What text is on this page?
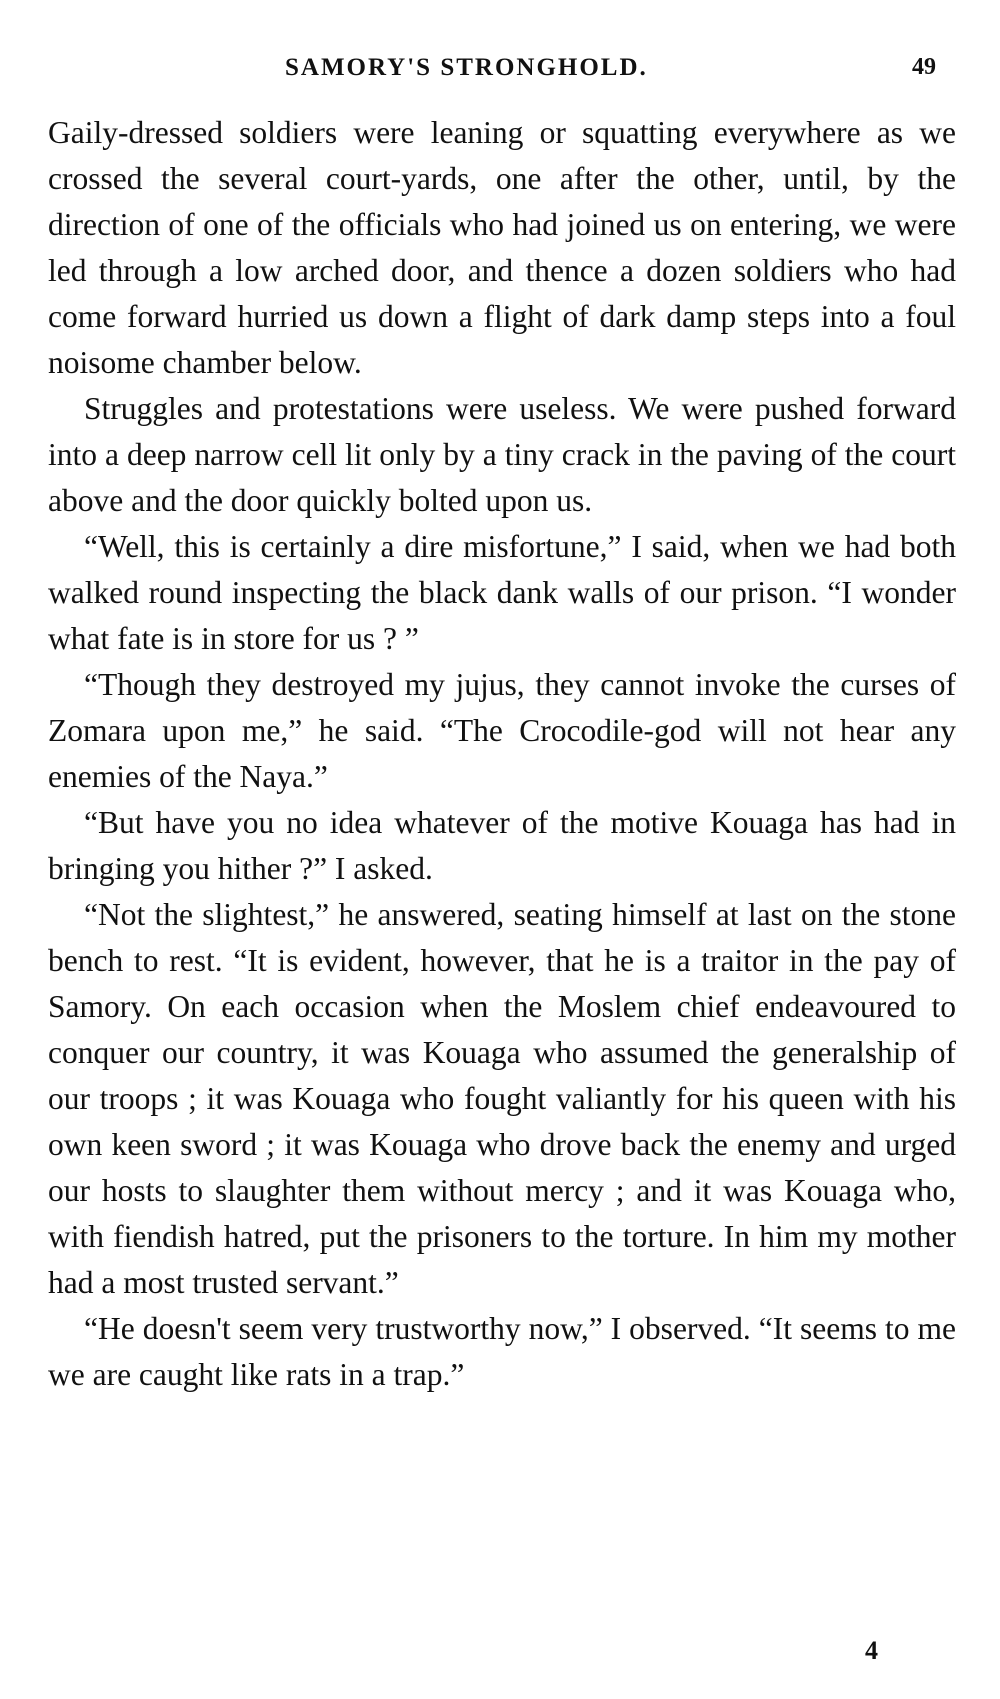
SAMORY'S STRONGHOLD.	49

Gaily-dressed soldiers were leaning or squatting everywhere as we crossed the several court-yards, one after the other, until, by the direction of one of the officials who had joined us on entering, we were led through a low arched door, and thence a dozen soldiers who had come forward hurried us down a flight of dark damp steps into a foul noisome chamber below.

Struggles and protestations were useless. We were pushed forward into a deep narrow cell lit only by a tiny crack in the paving of the court above and the door quickly bolted upon us.

“Well, this is certainly a dire misfortune,” I said, when we had both walked round inspecting the black dank walls of our prison. “I wonder what fate is in store for us ? ”

“Though they destroyed my jujus, they cannot invoke the curses of Zomara upon me,” he said. “The Crocodile-god will not hear any enemies of the Naya.”

“But have you no idea whatever of the motive Kouaga has had in bringing you hither ?” I asked.

“Not the slightest,” he answered, seating himself at last on the stone bench to rest. “It is evident, however, that he is a traitor in the pay of Samory. On each occasion when the Moslem chief endeavoured to conquer our country, it was Kouaga who assumed the generalship of our troops ; it was Kouaga who fought valiantly for his queen with his own keen sword ; it was Kouaga who drove back the enemy and urged our hosts to slaughter them without mercy ; and it was Kouaga who, with fiendish hatred, put the prisoners to the torture. In him my mother had a most trusted servant.”

“He doesn't seem very trustworthy now,” I observed. “It seems to me we are caught like rats in a trap.”

4
